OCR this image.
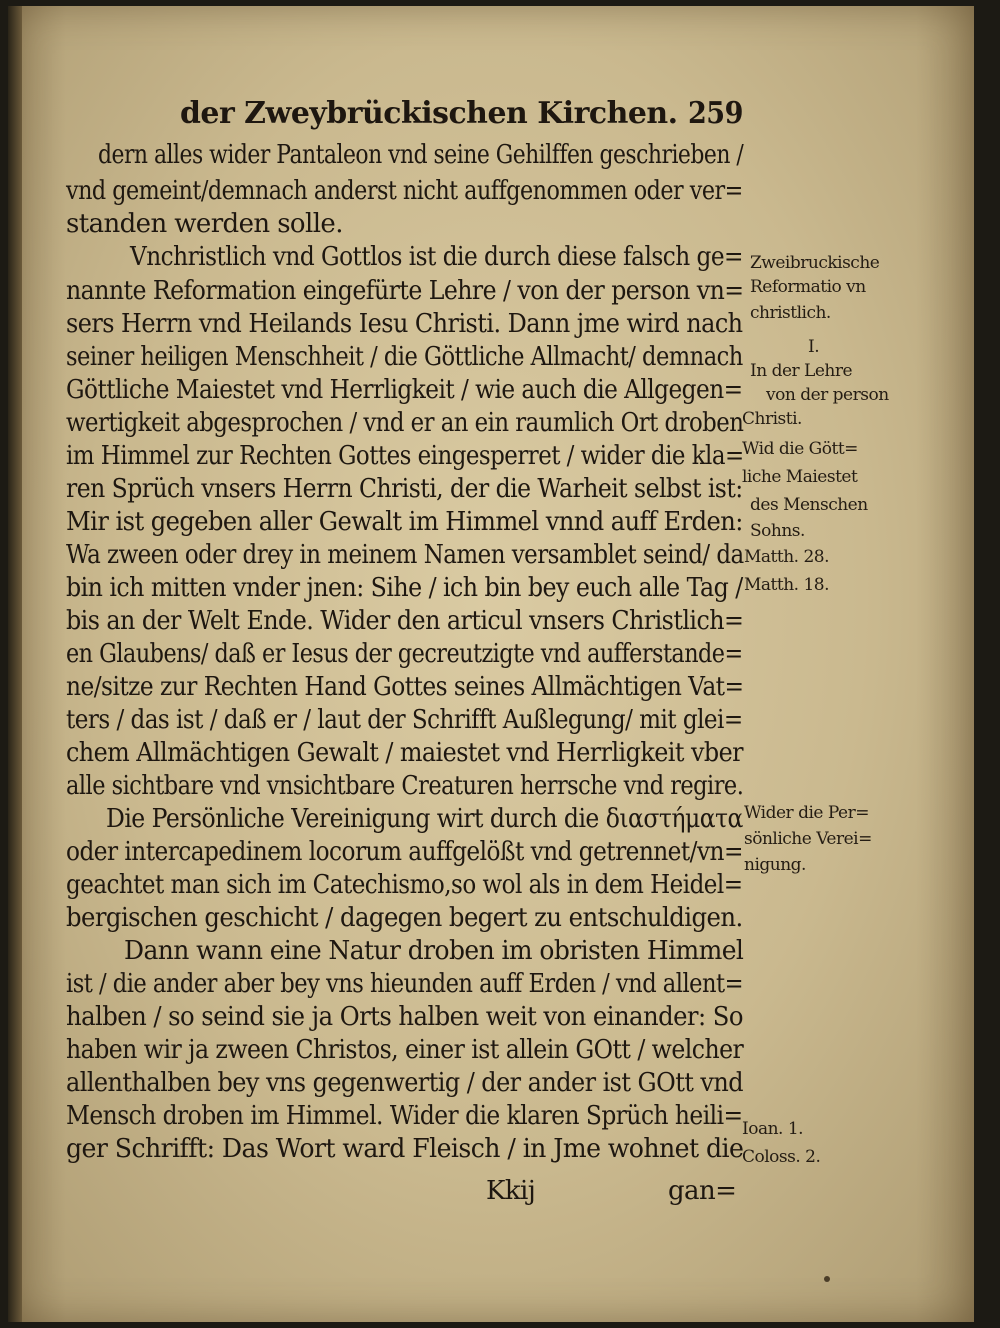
der Zweybrückischen Kirchen. 259
dern alles wider Pantaleon vnd seine Gehilffen geschrieben /
vnd gemeint/demnach anderst nicht auffgenommen oder ver=
standen werden solle.
Vnchristlich vnd Gottlos ist die durch diese falsch ge=
nannte Reformation eingefürte Lehre / von der person vn=
sers Herrn vnd Heilands Iesu Christi. Dann jme wird nach
seiner heiligen Menschheit / die Göttliche Allmacht/ demnach
Göttliche Maiestet vnd Herrligkeit / wie auch die Allgegen=
wertigkeit abgesprochen / vnd er an ein raumlich Ort droben
im Himmel zur Rechten Gottes eingesperret / wider die kla=
ren Sprüch vnsers Herrn Christi, der die Warheit selbst ist:
Mir ist gegeben aller Gewalt im Himmel vnnd auff Erden:
Wa zween oder drey in meinem Namen versamblet seind/ da
bin ich mitten vnder jnen: Sihe / ich bin bey euch alle Tag /
bis an der Welt Ende. Wider den articul vnsers Christlich=
en Glaubens/ daß er Iesus der gecreutzigte vnd aufferstande=
ne/sitze zur Rechten Hand Gottes seines Allmächtigen Vat=
ters / das ist / daß er / laut der Schrifft Außlegung/ mit glei=
chem Allmächtigen Gewalt / maiestet vnd Herrligkeit vber
alle sichtbare vnd vnsichtbare Creaturen herrsche vnd regire.
Die Persönliche Vereinigung wirt durch die διαστήματα
oder intercapedinem locorum auffgelößt vnd getrennet/vn=
geachtet man sich im Catechismo,so wol als in dem Heidel=
bergischen geschicht / dagegen begert zu entschuldigen.
Dann wann eine Natur droben im obristen Himmel
ist / die ander aber bey vns hieunden auff Erden / vnd allent=
halben / so seind sie ja Orts halben weit von einander: So
haben wir ja zween Christos, einer ist allein GOtt / welcher
allenthalben bey vns gegenwertig / der ander ist GOtt vnd
Mensch droben im Himmel. Wider die klaren Sprüch heili=
ger Schrifft: Das Wort ward Fleisch / in Jme wohnet die
Kkij	gan=
Zweibruckische
Reformatio vn
christlich.
I.
In der Lehre
von der person
Christi.
Wid die Gött=
liche Maiestet
des Menschen
Sohns.
Matth. 28.
Matth. 18.
Wider die Per=
sönliche Verei=
nigung.
Ioan. 1.
Coloss. 2.
